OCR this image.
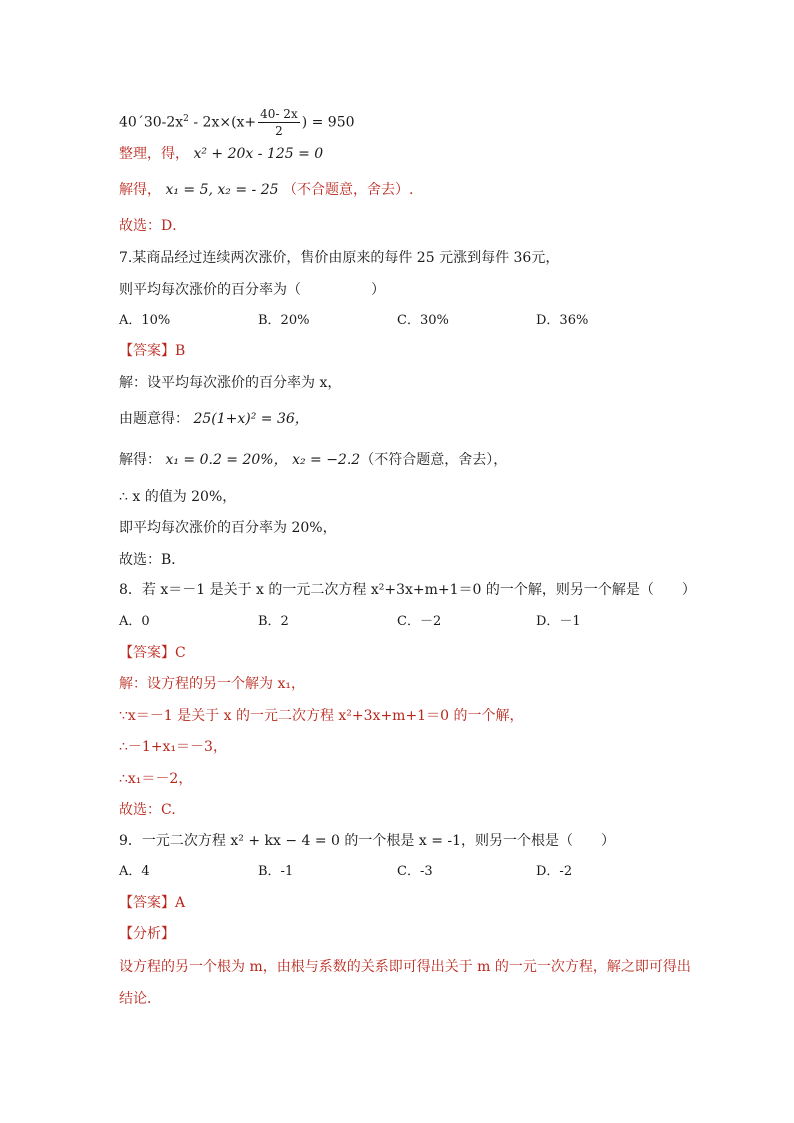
$40´30-2x^2 - 2x\times(x+ \frac{40- 2x}{2}$ ) = 950
整理，得， x² + 20x - 125 = 0
解得， x₁ = 5, x₂ = - 25 （不合题意，舍去）.
故选：D．
7.某商品经过连续两次涨价，售价由原来的每件 25 元涨到每件 36元，
则平均每次涨价的百分率为（　　　　　）
A．10%	B．20%	C．30%	D．36%
【答案】B
解：设平均每次涨价的百分率为 x，
由题意得： 25(1+x)² = 36，
解得： x₁ = 0.2 = 20%， x₂ = −2.2（不符合题意，舍去），
∴ x 的值为 20%，
即平均每次涨价的百分率为 20%，
故选：B．
8．若 x＝－1 是关于 x 的一元二次方程 x²+3x+m+1＝0 的一个解，则另一个解是（　　）
A．0	B．2	C．－2	D．－1
【答案】C
解：设方程的另一个解为 x₁，
∵x＝－1 是关于 x 的一元二次方程 x²+3x+m+1＝0 的一个解，
∴－1+x₁＝－3，
∴x₁＝－2，
故选：C.
9．一元二次方程 x² + kx − 4 = 0 的一个根是 x = -1，则另一个根是（　　）
A．4	B．-1	C．-3	D．-2
【答案】A
【分析】
设方程的另一个根为 m，由根与系数的关系即可得出关于 m 的一元一次方程，解之即可得出
结论．
